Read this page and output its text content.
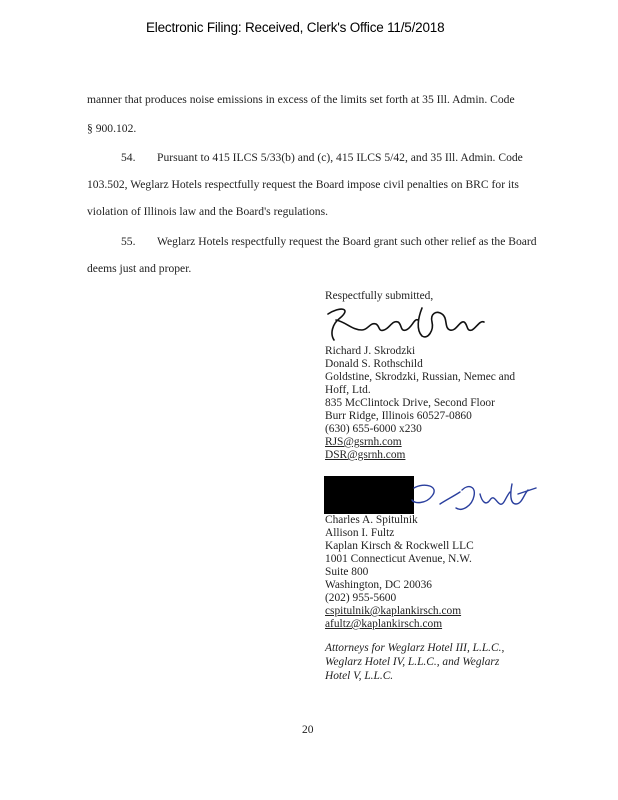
Electronic Filing: Received, Clerk's Office 11/5/2018
manner that produces noise emissions in excess of the limits set forth at 35 Ill. Admin. Code
§ 900.102.
54. Pursuant to 415 ILCS 5/33(b) and (c), 415 ILCS 5/42, and 35 Ill. Admin. Code
103.502, Weglarz Hotels respectfully request the Board impose civil penalties on BRC for its
violation of Illinois law and the Board's regulations.
55. Weglarz Hotels respectfully request the Board grant such other relief as the Board
deems just and proper.
Respectfully submitted,
Richard J. Skrodzki
Donald S. Rothschild
Goldstine, Skrodzki, Russian, Nemec and
Hoff, Ltd.
835 McClintock Drive, Second Floor
Burr Ridge, Illinois 60527-0860
(630) 655-6000 x230
RJS@gsrnh.com
DSR@gsrnh.com
Charles A. Spitulnik
Allison I. Fultz
Kaplan Kirsch & Rockwell LLC
1001 Connecticut Avenue, N.W.
Suite 800
Washington, DC 20036
(202) 955-5600
cspitulnik@kaplankirsch.com
afultz@kaplankirsch.com
Attorneys for Weglarz Hotel III, L.L.C.,
Weglarz Hotel IV, L.L.C., and Weglarz
Hotel V, L.L.C.
20
